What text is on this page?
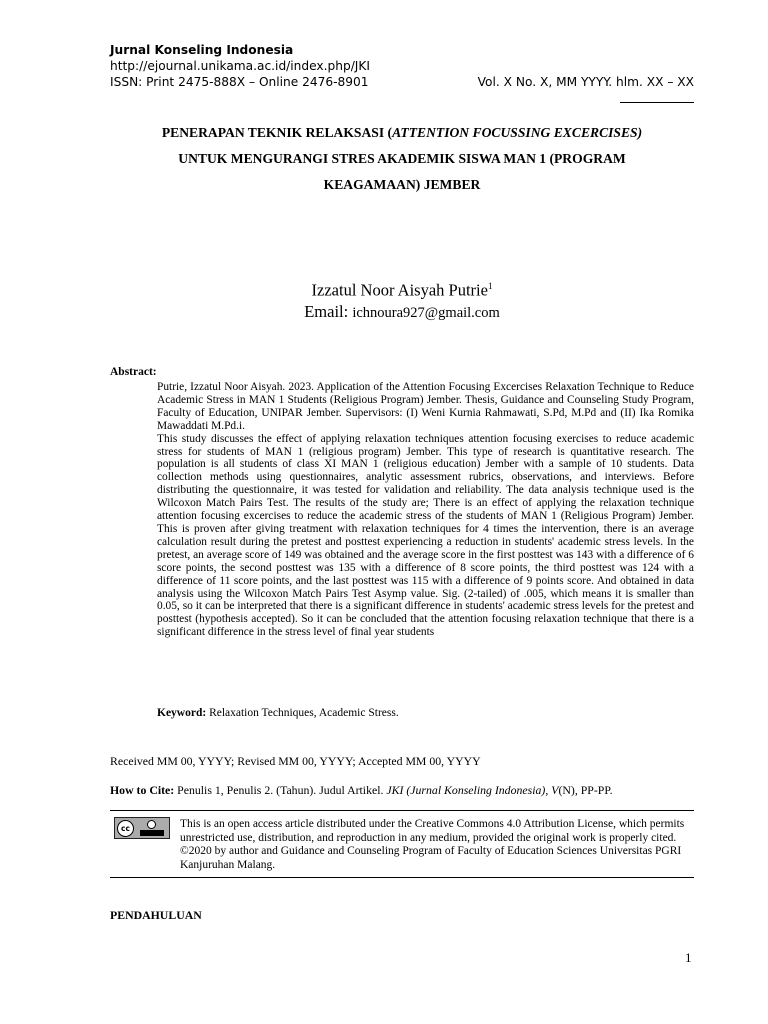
Jurnal Konseling Indonesia
http://ejournal.unikama.ac.id/index.php/JKI
ISSN: Print 2475-888X – Online 2476-8901	Vol. X No. X, MM YYYY. hlm. XX – XX
PENERAPAN TEKNIK RELAKSASI (ATTENTION FOCUSSING EXCERCISES)
UNTUK MENGURANGI STRES AKADEMIK SISWA MAN 1 (PROGRAM
KEAGAMAAN) JEMBER
Izzatul Noor Aisyah Putrie$^1$
Email: ichnoura927@gmail.com
Abstract:

Putrie, Izzatul Noor Aisyah. 2023. Application of the Attention Focusing Excercises Relaxation Technique to Reduce Academic Stress in MAN 1 Students (Religious Program) Jember. Thesis, Guidance and Counseling Study Program, Faculty of Education, UNIPAR Jember. Supervisors: (I) Weni Kurnia Rahmawati, S.Pd, M.Pd and (II) Ika Romika Mawaddati M.Pd.i.

This study discusses the effect of applying relaxation techniques attention focusing exercises to reduce academic stress for students of MAN 1 (religious program) Jember. This type of research is quantitative research. The population is all students of class XI MAN 1 (religious education) Jember with a sample of 10 students. Data collection methods using questionnaires, analytic assessment rubrics, observations, and interviews. Before distributing the questionnaire, it was tested for validation and reliability. The data analysis technique used is the Wilcoxon Match Pairs Test. The results of the study are; There is an effect of applying the relaxation technique attention focusing excercises to reduce the academic stress of the students of MAN 1 (Religious Program) Jember. This is proven after giving treatment with relaxation techniques for 4 times the intervention, there is an average calculation result during the pretest and posttest experiencing a reduction in students' academic stress levels. In the pretest, an average score of 149 was obtained and the average score in the first posttest was 143 with a difference of 6 score points, the second posttest was 135 with a difference of 8 score points, the third posttest was 124 with a difference of 11 score points, and the last posttest was 115 with a difference of 9 points score. And obtained in data analysis using the Wilcoxon Match Pairs Test Asymp value. Sig. (2-tailed) of .005, which means it is smaller than 0.05, so it can be interpreted that there is a significant difference in students' academic stress levels for the pretest and posttest (hypothesis accepted). So it can be concluded that the attention focusing relaxation technique that there is a significant difference in the stress level of final year students

Keyword: Relaxation Techniques, Academic Stress.
Received MM 00, YYYY; Revised MM 00, YYYY; Accepted MM 00, YYYY
How to Cite: Penulis 1, Penulis 2. (Tahun). Judul Artikel. JKI (Jurnal Konseling Indonesia), V(N), PP-PP.
cc	This is an open access article distributed under the Creative Commons 4.0 Attribution License, which permits unrestricted use, distribution, and reproduction in any medium, provided the original work is properly cited. ©2020 by author and Guidance and Counseling Program of Faculty of Education Sciences Universitas PGRI Kanjuruhan Malang.
PENDAHULUAN
1
